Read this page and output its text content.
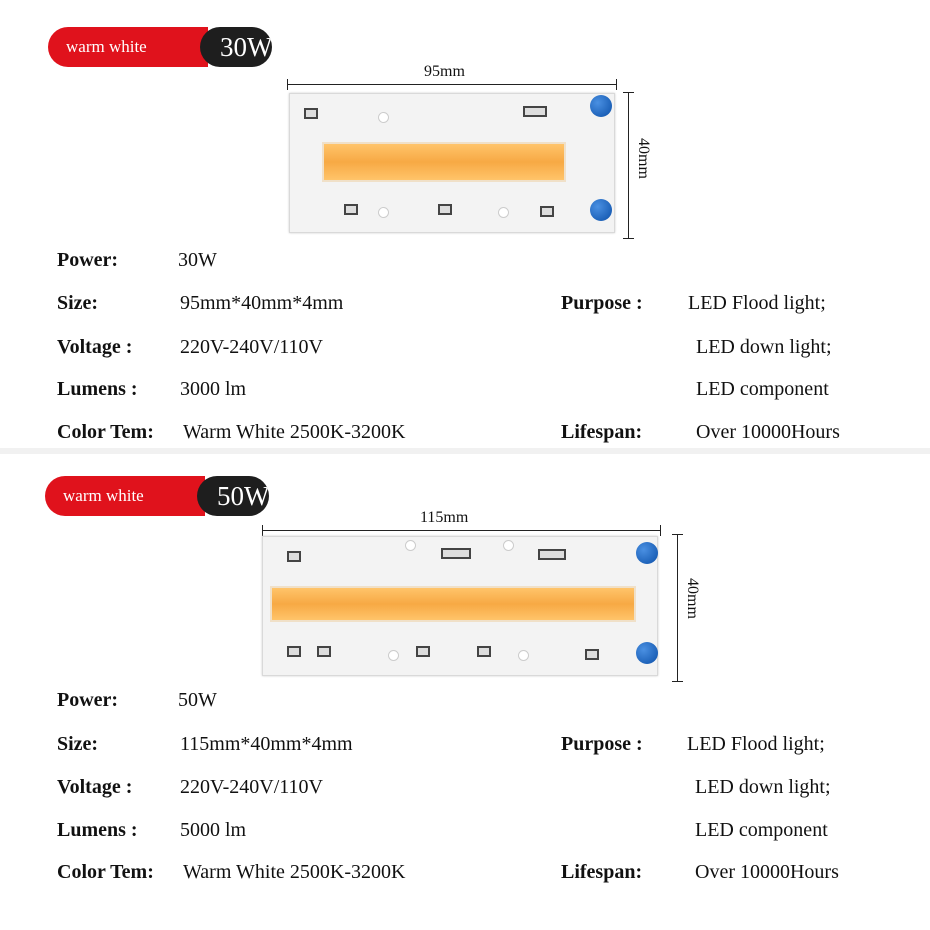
warm white	30W
95mm
40mm
Power:	30W
Size:	95mm*40mm*4mm
Voltage : 220V-240V/110V
Lumens : 3000 lm
Color Tem: Warm White 2500K-3200K
Purpose : LED Flood light;
LED down light;
LED component
Lifespan:	Over 10000Hours
warm white	50W
115mm
40mm
Power:	50W
Size:	115mm*40mm*4mm
Voltage : 220V-240V/110V
Lumens : 5000 lm
Color Tem: Warm White 2500K-3200K
Purpose : LED Flood light;
LED down light;
LED component
Lifespan:	Over 10000Hours
